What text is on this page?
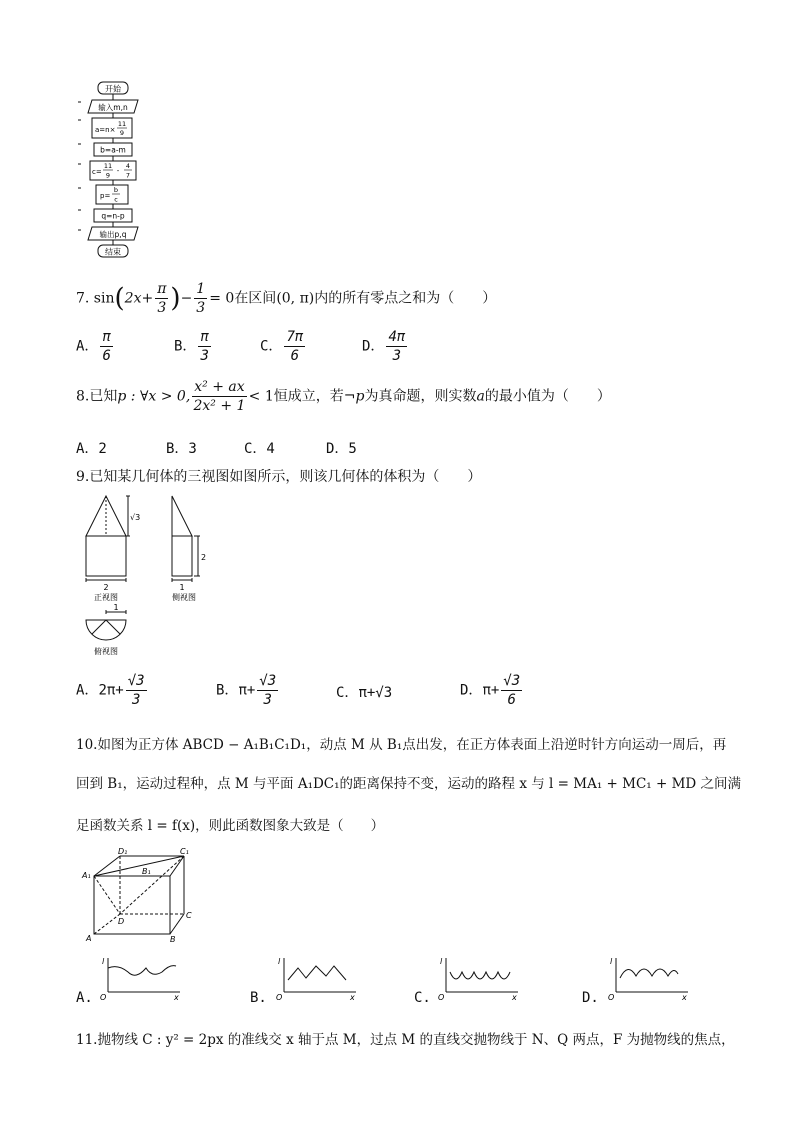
开始
输入m,n
a=n×
11
9
b=a-m
c=
11
9
-
4
7
p=
b
c
q=n-p
输出p,q
结束
7. $\sin(2x+ \frac{\pi}{3}$ )− $\frac{1}{3} = 0$在区间(0, π)内的所有零点之和为（　　）
A． $\frac{\pi}{6}$	B． $\frac{\pi}{3}$	C． $\frac{7\pi}{6}$	D． $\frac{4\pi}{3}$
8.已知p : ∀x > 0, $\frac{\text{x² + ax}}{\text{2x² + 1}} < 1$恒成立，若¬p为真命题，则实数a的最小值为（　　）
A．2	B．3	C．4	D．5
9.已知某几何体的三视图如图所示，则该几何体的体积为（　　）
√3
2
正视图
2
1
侧视图
1
俯视图
A．$2\pi+ \frac{√3}{3}$	B．$\pi+ \frac{√3}{3}$	C．π+√3	D．$\pi+ \frac{√3}{6}$
10.如图为正方体 ABCD − A₁B₁C₁D₁，动点 M 从 B₁点出发，在正方体表面上沿逆时针方向运动一周后，再
回到 B₁，运动过程种，点 M 与平面 A₁DC₁的距离保持不变，运动的路程 x 与 l = MA₁ + MC₁ + MD 之间满
足函数关系 l = f(x)，则此函数图象大致是（　　）
D₁	C₁
A₁	B₁
D
C
A	B
A.
l
O	x	B.
l
O	x	C.
l
O	x	D.
l
O	x
11.抛物线 C : y² = 2px 的准线交 x 轴于点 M，过点 M 的直线交抛物线于 N、Q 两点，F 为抛物线的焦点，
